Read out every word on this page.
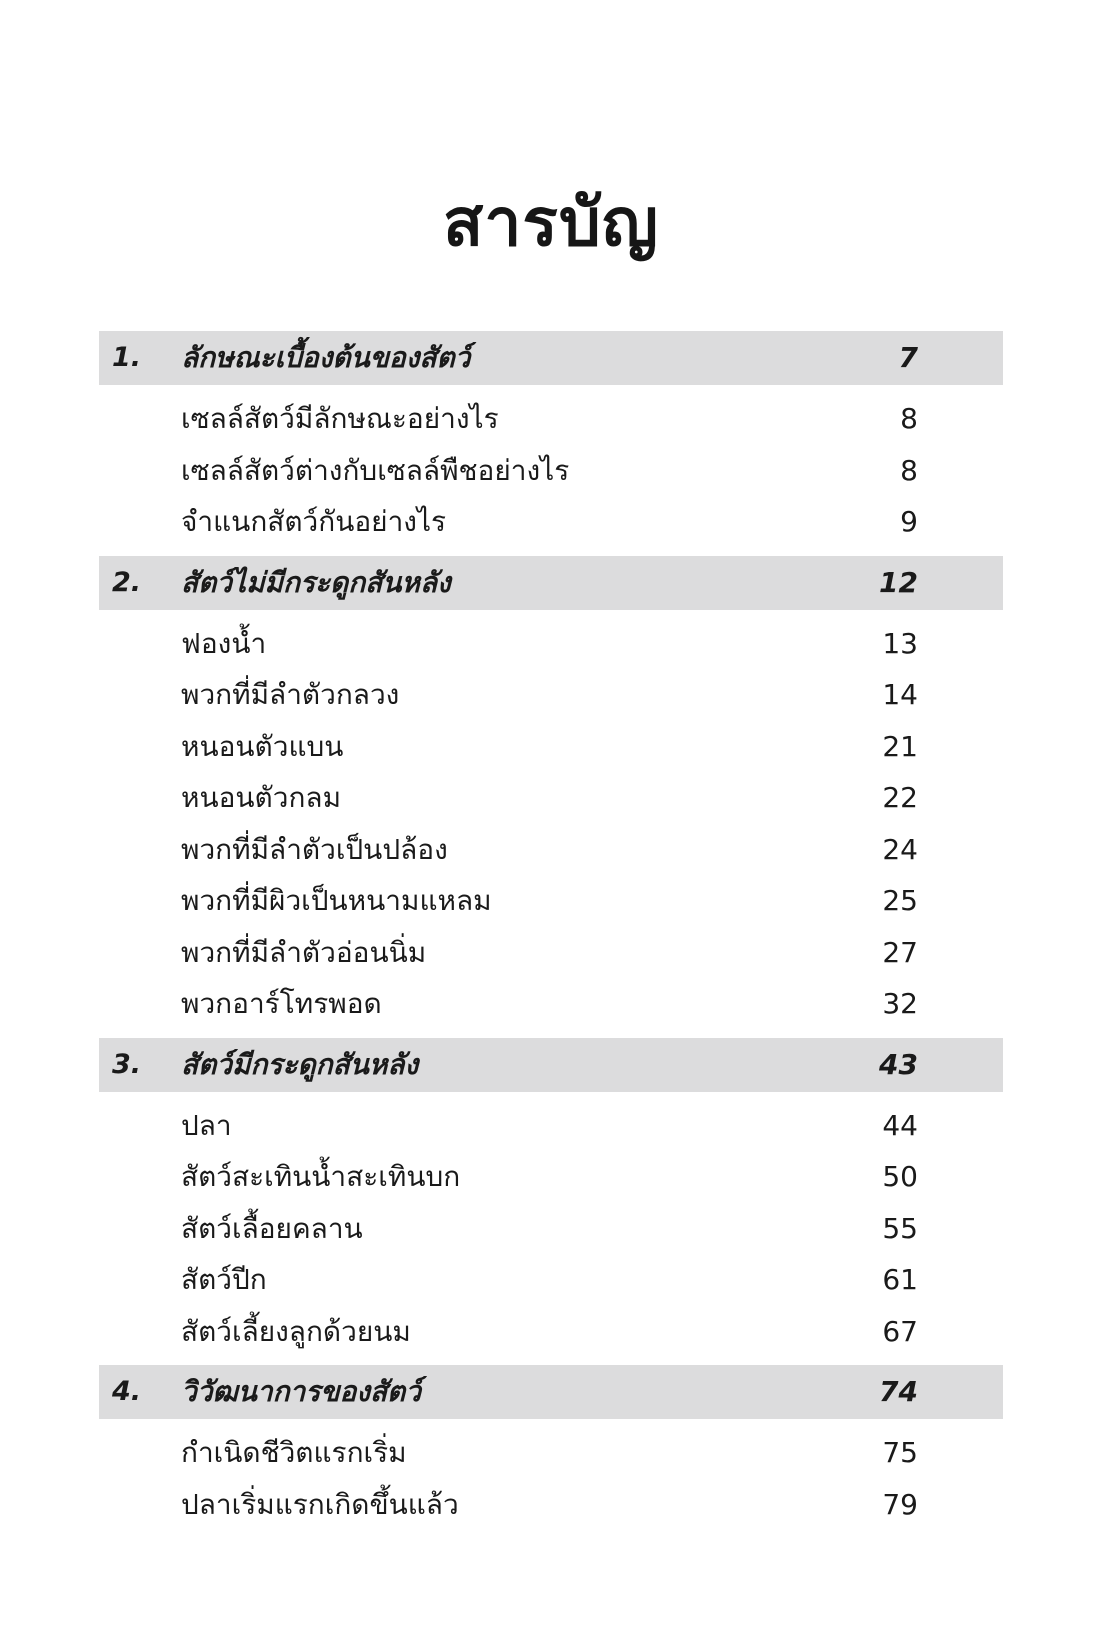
สารบัญ
1. ลักษณะเบื้องต้นของสัตว์	7
เซลล์สัตว์มีลักษณะอย่างไร	8
เซลล์สัตว์ต่างกับเซลล์พืชอย่างไร	8
จำแนกสัตว์กันอย่างไร	9
2. สัตว์ไม่มีกระดูกสันหลัง	12
ฟองน้ำ	13
พวกที่มีลำตัวกลวง	14
หนอนตัวแบน	21
หนอนตัวกลม	22
พวกที่มีลำตัวเป็นปล้อง	24
พวกที่มีผิวเป็นหนามแหลม	25
พวกที่มีลำตัวอ่อนนิ่ม	27
พวกอาร์โทรพอด	32
3. สัตว์มีกระดูกสันหลัง	43
ปลา	44
สัตว์สะเทินน้ำสะเทินบก	50
สัตว์เลื้อยคลาน	55
สัตว์ปีก	61
สัตว์เลี้ยงลูกด้วยนม	67
4. วิวัฒนาการของสัตว์	74
กำเนิดชีวิตแรกเริ่ม	75
ปลาเริ่มแรกเกิดขึ้นแล้ว	79
